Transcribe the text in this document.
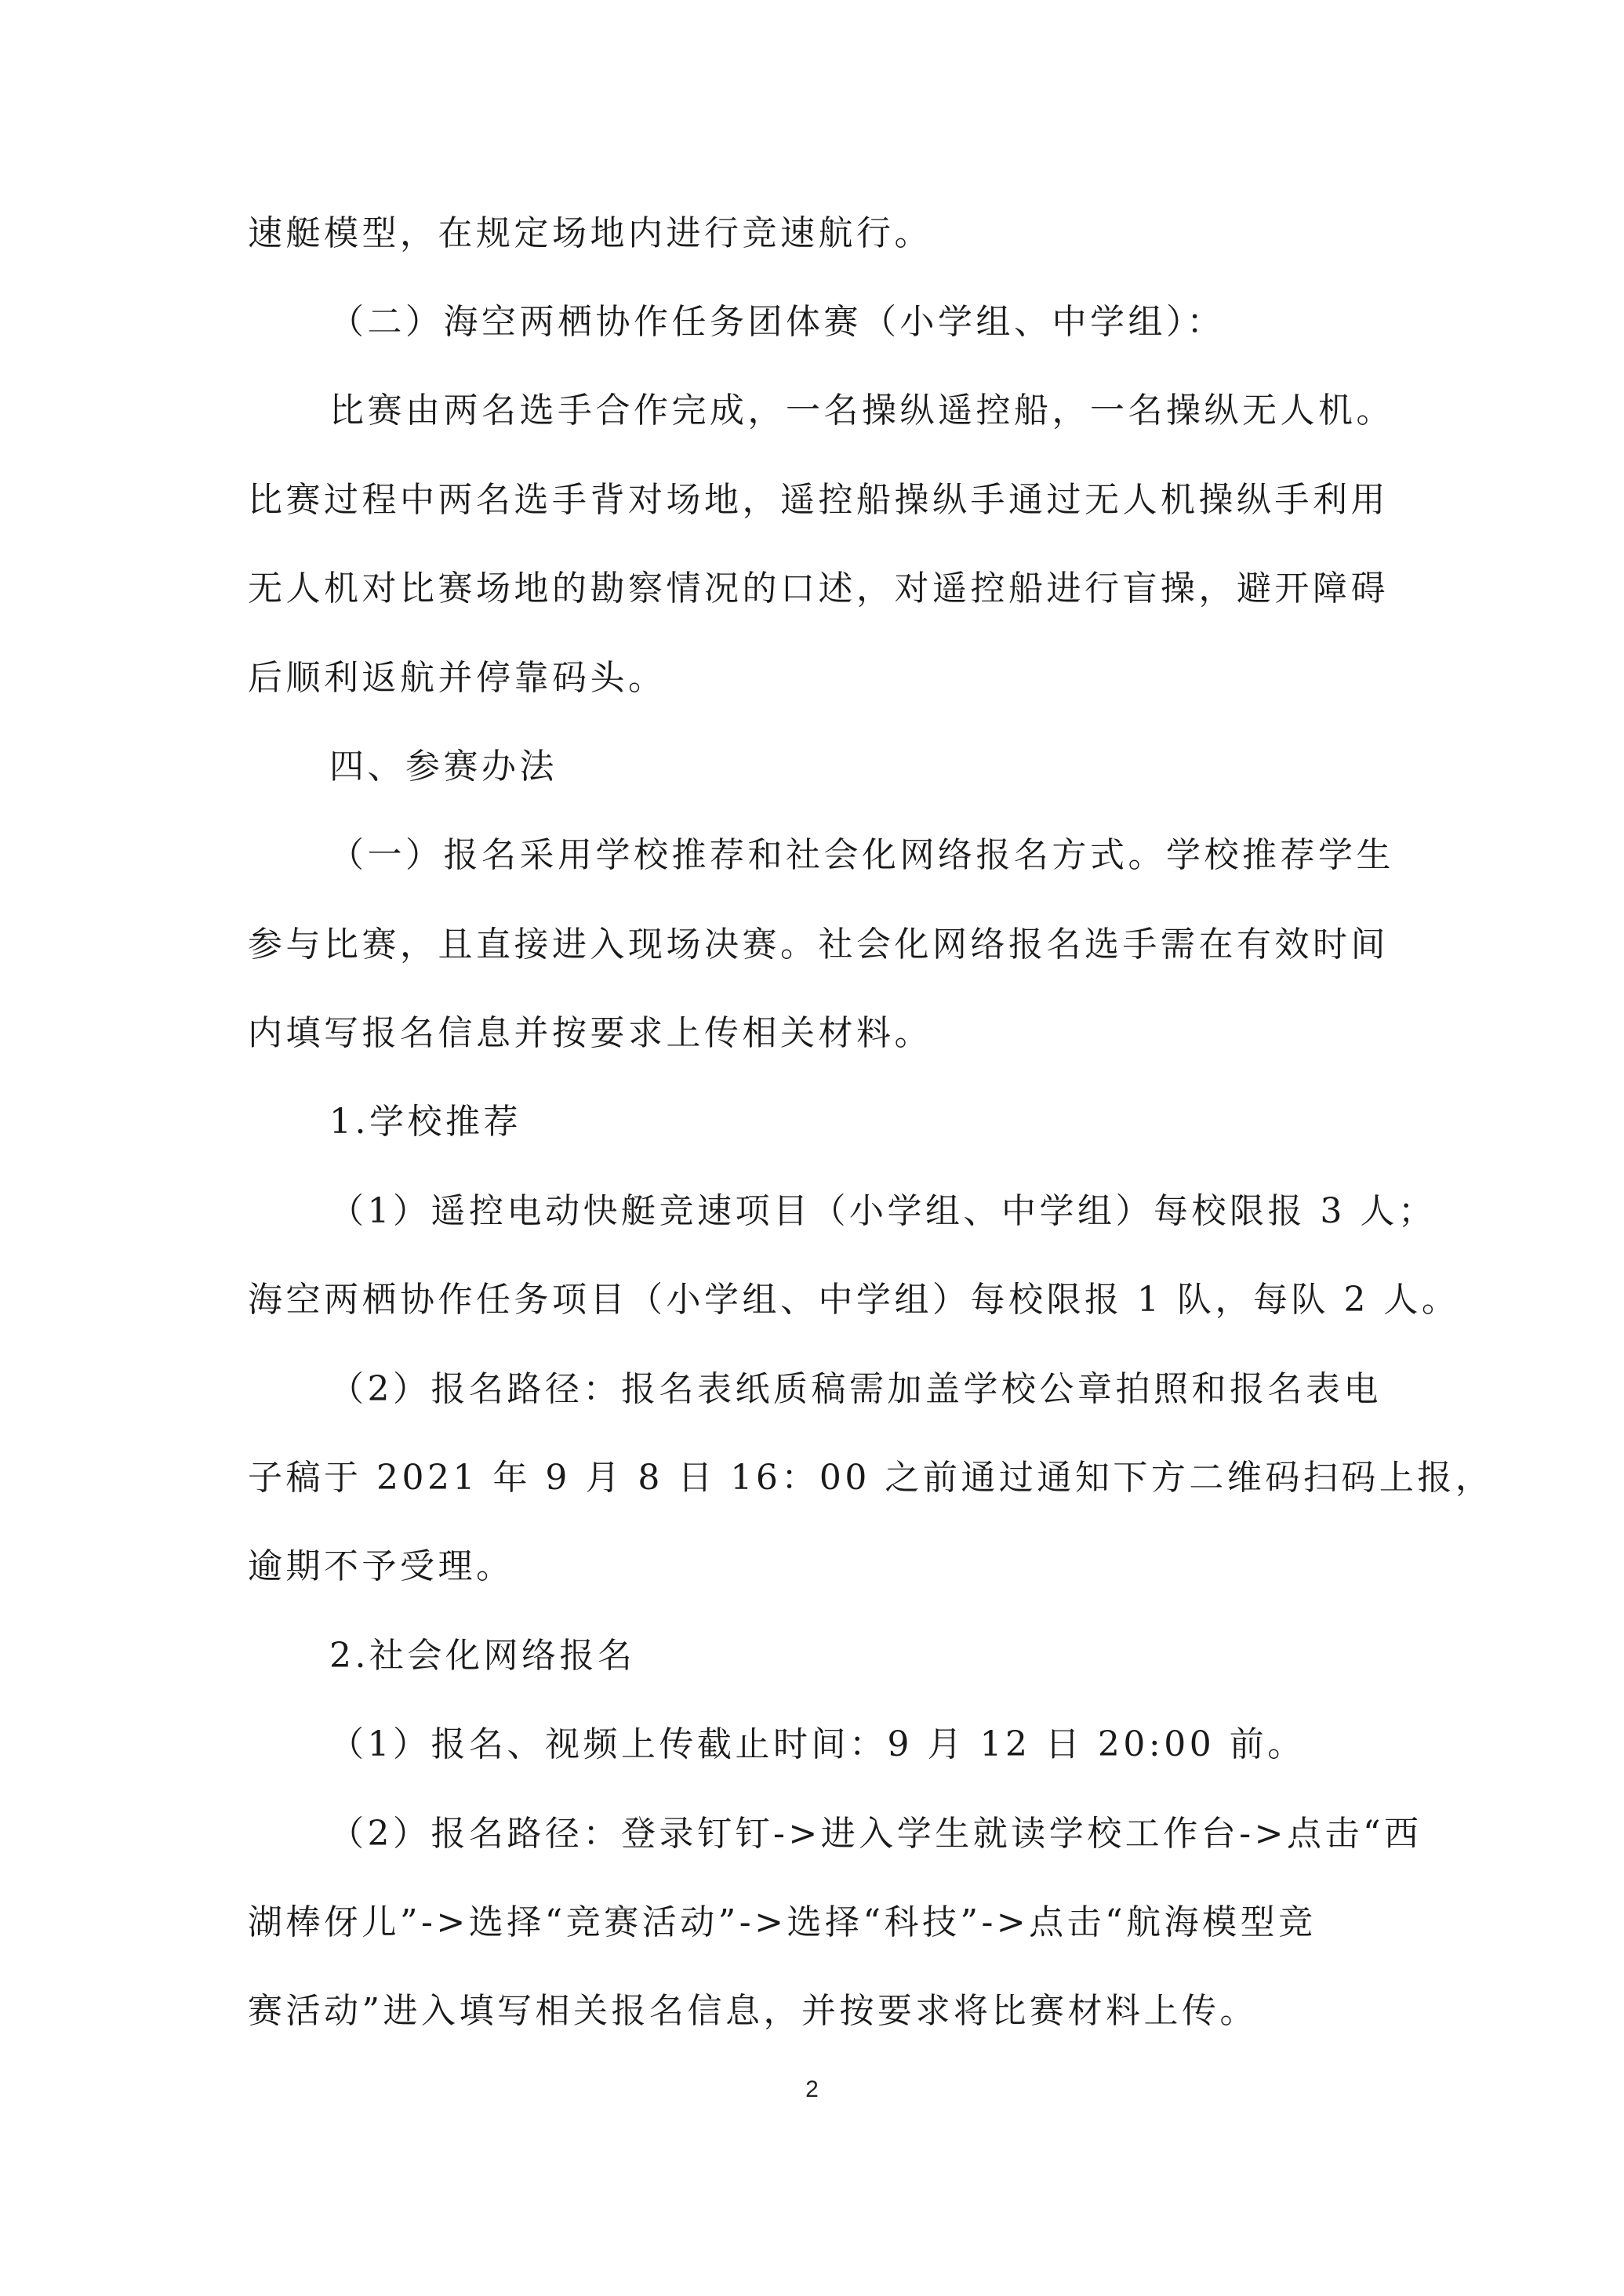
速艇模型，在规定场地内进行竞速航行。
（二）海空两栖协作任务团体赛（小学组、中学组）：
比赛由两名选手合作完成，一名操纵遥控船，一名操纵无人机。
比赛过程中两名选手背对场地，遥控船操纵手通过无人机操纵手利用
无人机对比赛场地的勘察情况的口述，对遥控船进行盲操，避开障碍
后顺利返航并停靠码头。
四、参赛办法
（一）报名采用学校推荐和社会化网络报名方式。学校推荐学生
参与比赛，且直接进入现场决赛。社会化网络报名选手需在有效时间
内填写报名信息并按要求上传相关材料。
1.学校推荐
（1）遥控电动快艇竞速项目（小学组、中学组）每校限报 3 人；
海空两栖协作任务项目（小学组、中学组）每校限报 1 队，每队 2 人。
（2）报名路径：报名表纸质稿需加盖学校公章拍照和报名表电
子稿于 2021 年 9 月 8 日 16：00 之前通过通知下方二维码扫码上报，
逾期不予受理。
2.社会化网络报名
（1）报名、视频上传截止时间：9 月 12 日 20:00 前。
（2）报名路径：登录钉钉->进入学生就读学校工作台->点击“西
湖棒伢儿”->选择“竞赛活动”->选择“科技”->点击“航海模型竞
赛活动”进入填写相关报名信息，并按要求将比赛材料上传。
2
